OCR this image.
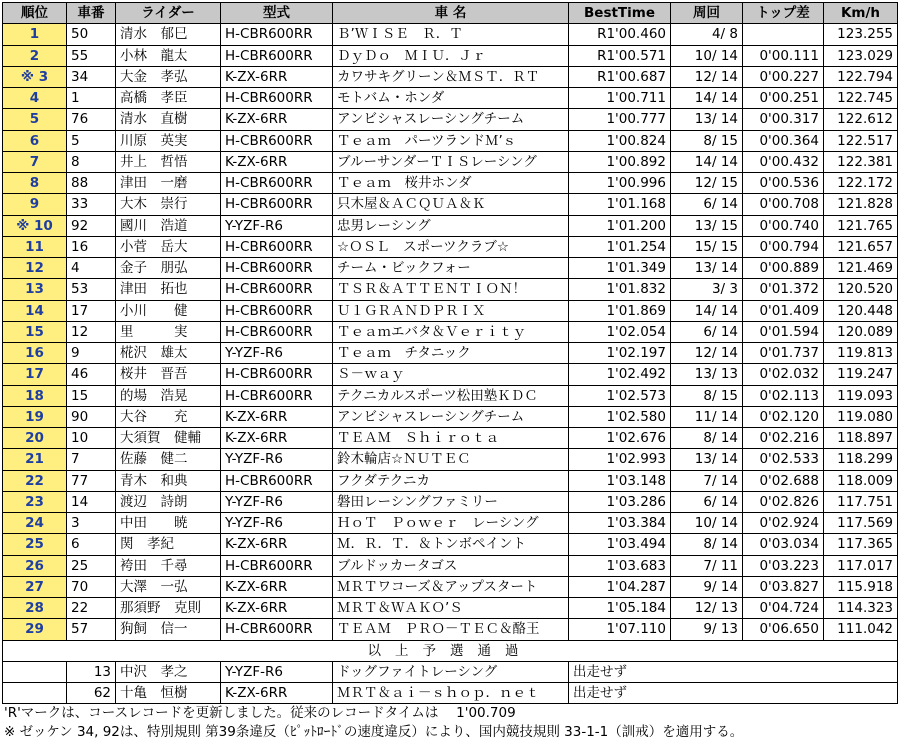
順位	車番	ライダー	型式	車 名	BestTime	周回	トップ差	Km/h
1	50	清水　郁巳	H-CBR600RR	Ｂ’ＷＩＳＥ　Ｒ．Ｔ	R1'00.460	4/ 8		123.255
2	55	小林　龍太	H-CBR600RR	ＤｙＤｏ　ＭＩＵ．Ｊｒ	R1'00.571	10/ 14	0'00.111	123.029
※ 3	34	大金　孝弘	K-ZX-6RR	カワサキグリーン＆ＭＳＴ．ＲＴ	R1'00.687	12/ 14	0'00.227	122.794
4	1	高橋　孝臣	H-CBR600RR	モトバム・ホンダ	1'00.711	14/ 14	0'00.251	122.745
5	76	清水　直樹	K-ZX-6RR	アンビシャスレーシングチーム	1'00.777	13/ 14	0'00.317	122.612
6	5	川原　英実	H-CBR600RR	Ｔｅａｍ　パーツランドＭ’ｓ	1'00.824	8/ 15	0'00.364	122.517
7	8	井上　哲悟	K-ZX-6RR	ブルーサンダーＴＩＳレーシング	1'00.892	14/ 14	0'00.432	122.381
8	88	津田　一磨	H-CBR600RR	Ｔｅａｍ　桜井ホンダ	1'00.996	12/ 15	0'00.536	122.172
9	33	大木　崇行	H-CBR600RR	只木屋＆ＡＣＱＵＡ＆Ｋ	1'01.168	6/ 14	0'00.708	121.828
※ 10	92	國川　浩道	Y-YZF-R6	忠男レーシング	1'01.200	13/ 15	0'00.740	121.765
11	16	小菅　岳大	H-CBR600RR	☆ＯＳＬ　スポーツクラブ☆	1'01.254	15/ 15	0'00.794	121.657
12	4	金子　朋弘	H-CBR600RR	チーム・ビックフォー	1'01.349	13/ 14	0'00.889	121.469
13	53	津田　拓也	H-CBR600RR	ＴＳＲ＆ＡＴＴＥＮＴＩＯＮ！	1'01.832	3/ 3	0'01.372	120.520
14	17	小川　　健	H-CBR600RR	Ｕ１ＧＲＡＮＤＰＲＩＸ	1'01.869	14/ 14	0'01.409	120.448
15	12	里　　　実	H-CBR600RR	Ｔｅａｍエバタ＆Ｖｅｒｉｔｙ	1'02.054	6/ 14	0'01.594	120.089
16	9	椛沢　雄太	Y-YZF-R6	Ｔｅａｍ　チタニック	1'02.197	12/ 14	0'01.737	119.813
17	46	桜井　晋吾	H-CBR600RR	Ｓ－ｗａｙ	1'02.492	13/ 13	0'02.032	119.247
18	15	的場　浩晃	H-CBR600RR	テクニカルスポーツ松田塾ＫＤＣ	1'02.573	8/ 15	0'02.113	119.093
19	90	大谷　　充	K-ZX-6RR	アンビシャスレーシングチーム	1'02.580	11/ 14	0'02.120	119.080
20	10	大須賀　健輔	K-ZX-6RR	ＴＥＡＭ　Ｓｈｉｒｏｔａ	1'02.676	8/ 14	0'02.216	118.897
21	7	佐藤　健二	Y-YZF-R6	鈴木輪店☆ＮＵＴＥＣ	1'02.993	13/ 14	0'02.533	118.299
22	77	青木　和典	H-CBR600RR	フクダテクニカ	1'03.148	7/ 14	0'02.688	118.009
23	14	渡辺　詩朗	Y-YZF-R6	磐田レーシングファミリー	1'03.286	6/ 14	0'02.826	117.751
24	3	中田　　暁	Y-YZF-R6	ＨｏＴ　Ｐｏｗｅｒ　レーシング	1'03.384	10/ 14	0'02.924	117.569
25	6	関　孝紀	K-ZX-6RR	Ｍ．Ｒ．Ｔ．＆トンボペイント	1'03.494	8/ 14	0'03.034	117.365
26	25	袴田　千尋	H-CBR600RR	ブルドッカータゴス	1'03.683	7/ 11	0'03.223	117.017
27	70	大澤　一弘	K-ZX-6RR	ＭＲＴワコーズ＆アップスタート	1'04.287	9/ 14	0'03.827	115.918
28	22	那須野　克則	K-ZX-6RR	ＭＲＴ＆ＷＡＫＯ’Ｓ	1'05.184	12/ 13	0'04.724	114.323
29	57	狗飼　信一	H-CBR600RR	ＴＥＡＭ　ＰＲＯ－ＴＥＣ＆酪王	1'07.110	9/ 13	0'06.650	111.042
以上予選通過								
	13	中沢　孝之	Y-YZF-R6	ドッグファイトレーシング	出走せず			
	62	十亀　恒樹	K-ZX-6RR	ＭＲＴ＆ａｉ－ｓｈｏｐ．ｎｅｔ	出走せず			
'R'マークは、コースレコードを更新しました。従来のレコードタイムは　 1'00.709
※ ゼッケン 34, 92は、特別規則 第39条違反（ﾋﾟｯﾄﾛｰﾄﾞの速度違反）により、国内競技規則 33-1-1（訓戒）を適用する。
